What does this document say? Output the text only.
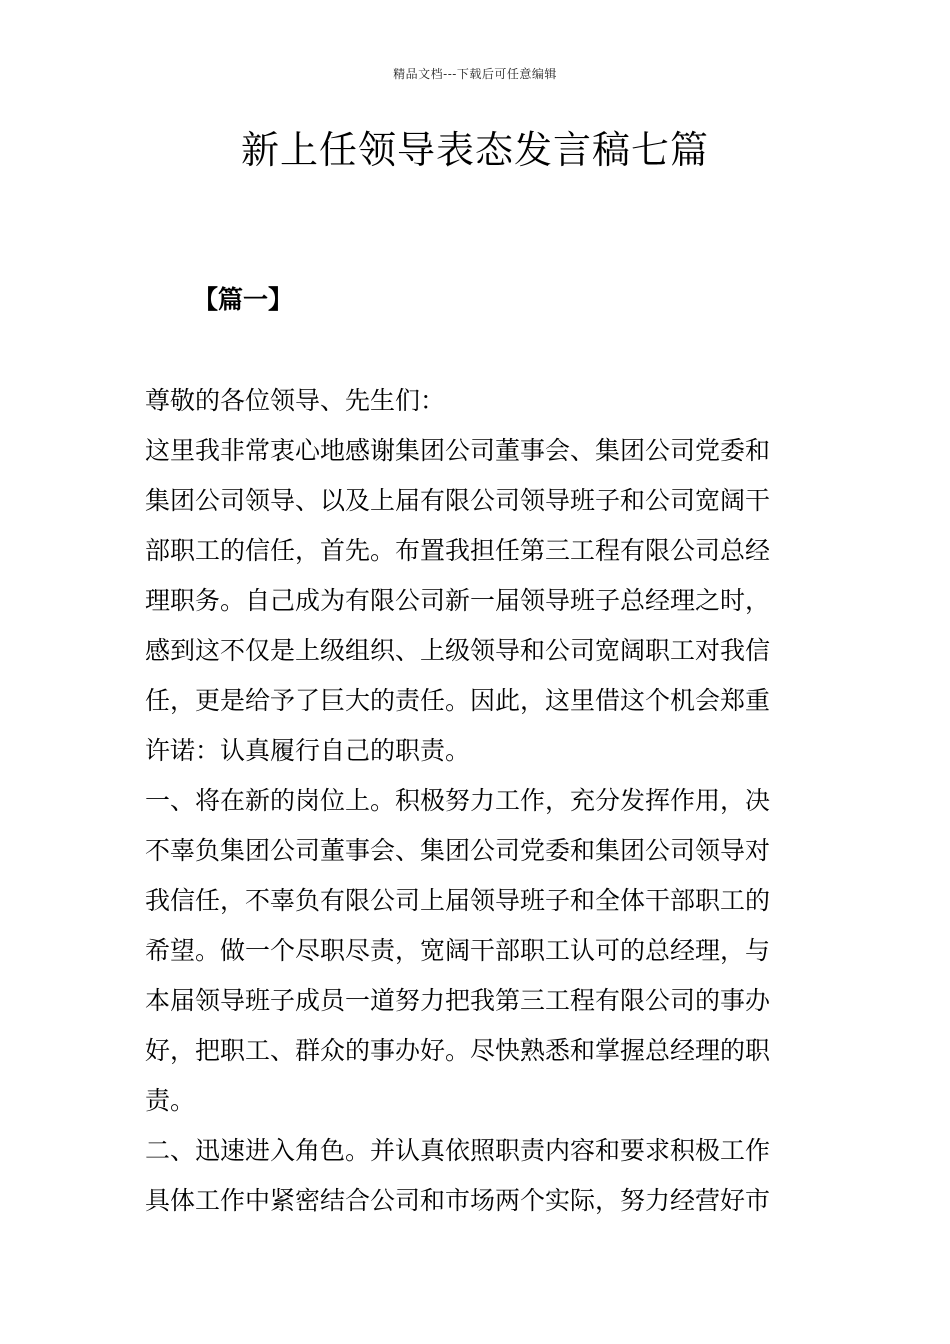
精品文档---下载后可任意编辑
新上任领导表态发言稿七篇
【篇一】
尊敬的各位领导、先生们：
这里我非常衷心地感谢集团公司董事会、集团公司党委和
集团公司领导、以及上届有限公司领导班子和公司宽阔干
部职工的信任，首先。布置我担任第三工程有限公司总经
理职务。自己成为有限公司新一届领导班子总经理之时，
感到这不仅是上级组织、上级领导和公司宽阔职工对我信
任，更是给予了巨大的责任。因此，这里借这个机会郑重
许诺：认真履行自己的职责。
一、将在新的岗位上。积极努力工作，充分发挥作用，决
不辜负集团公司董事会、集团公司党委和集团公司领导对
我信任，不辜负有限公司上届领导班子和全体干部职工的
希望。做一个尽职尽责，宽阔干部职工认可的总经理，与
本届领导班子成员一道努力把我第三工程有限公司的事办
好，把职工、群众的事办好。尽快熟悉和掌握总经理的职
责。
二、迅速进入角色。并认真依照职责内容和要求积极工作
具体工作中紧密结合公司和市场两个实际，努力经营好市
